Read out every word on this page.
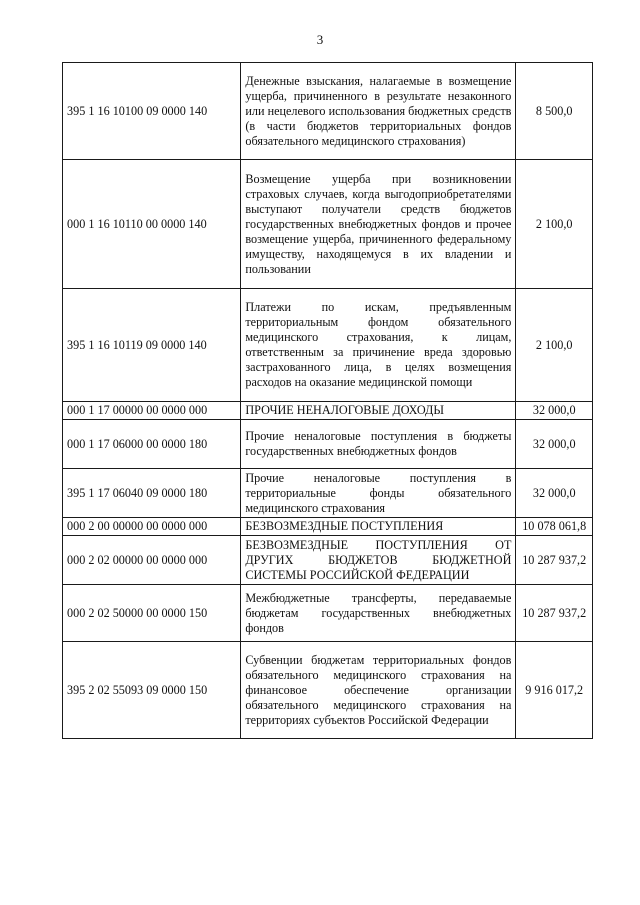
3
395 1 16 10100 09 0000 140	Денежные взыскания, налагаемые в возмещение ущерба, причиненного в результате незаконного или нецелевого использования бюджетных средств (в части бюджетов территориальных фондов обязательного медицинского страхования)	8 500,0
000 1 16 10110 00 0000 140	Возмещение ущерба при возникновении страховых случаев, когда выгодоприобретателями выступают получатели средств бюджетов государственных внебюджетных фондов и прочее возмещение ущерба, причиненного федеральному имуществу, находящемуся в их владении и пользовании	2 100,0
395 1 16 10119 09 0000 140	Платежи по искам, предъявленным территориальным фондом обязательного медицинского страхования, к лицам, ответственным за причинение вреда здоровью застрахованного лица, в целях возмещения расходов на оказание медицинской помощи	2 100,0
000 1 17 00000 00 0000 000	ПРОЧИЕ НЕНАЛОГОВЫЕ ДОХОДЫ	32 000,0
000 1 17 06000 00 0000 180	Прочие неналоговые поступления в бюджеты государственных внебюджетных фондов	32 000,0
395 1 17 06040 09 0000 180	Прочие неналоговые поступления в территориальные фонды обязательного медицинского страхования	32 000,0
000 2 00 00000 00 0000 000	БЕЗВОЗМЕЗДНЫЕ ПОСТУПЛЕНИЯ	10 078 061,8
000 2 02 00000 00 0000 000	БЕЗВОЗМЕЗДНЫЕ ПОСТУПЛЕНИЯ ОТ ДРУГИХ БЮДЖЕТОВ БЮДЖЕТНОЙ СИСТЕМЫ РОССИЙСКОЙ ФЕДЕРАЦИИ	10 287 937,2
000 2 02 50000 00 0000 150	Межбюджетные трансферты, передаваемые бюджетам государственных внебюджетных фондов	10 287 937,2
395 2 02 55093 09 0000 150	Субвенции бюджетам территориальных фондов обязательного медицинского страхования на финансовое обеспечение организации обязательного медицинского страхования на территориях субъектов Российской Федерации	9 916 017,2
